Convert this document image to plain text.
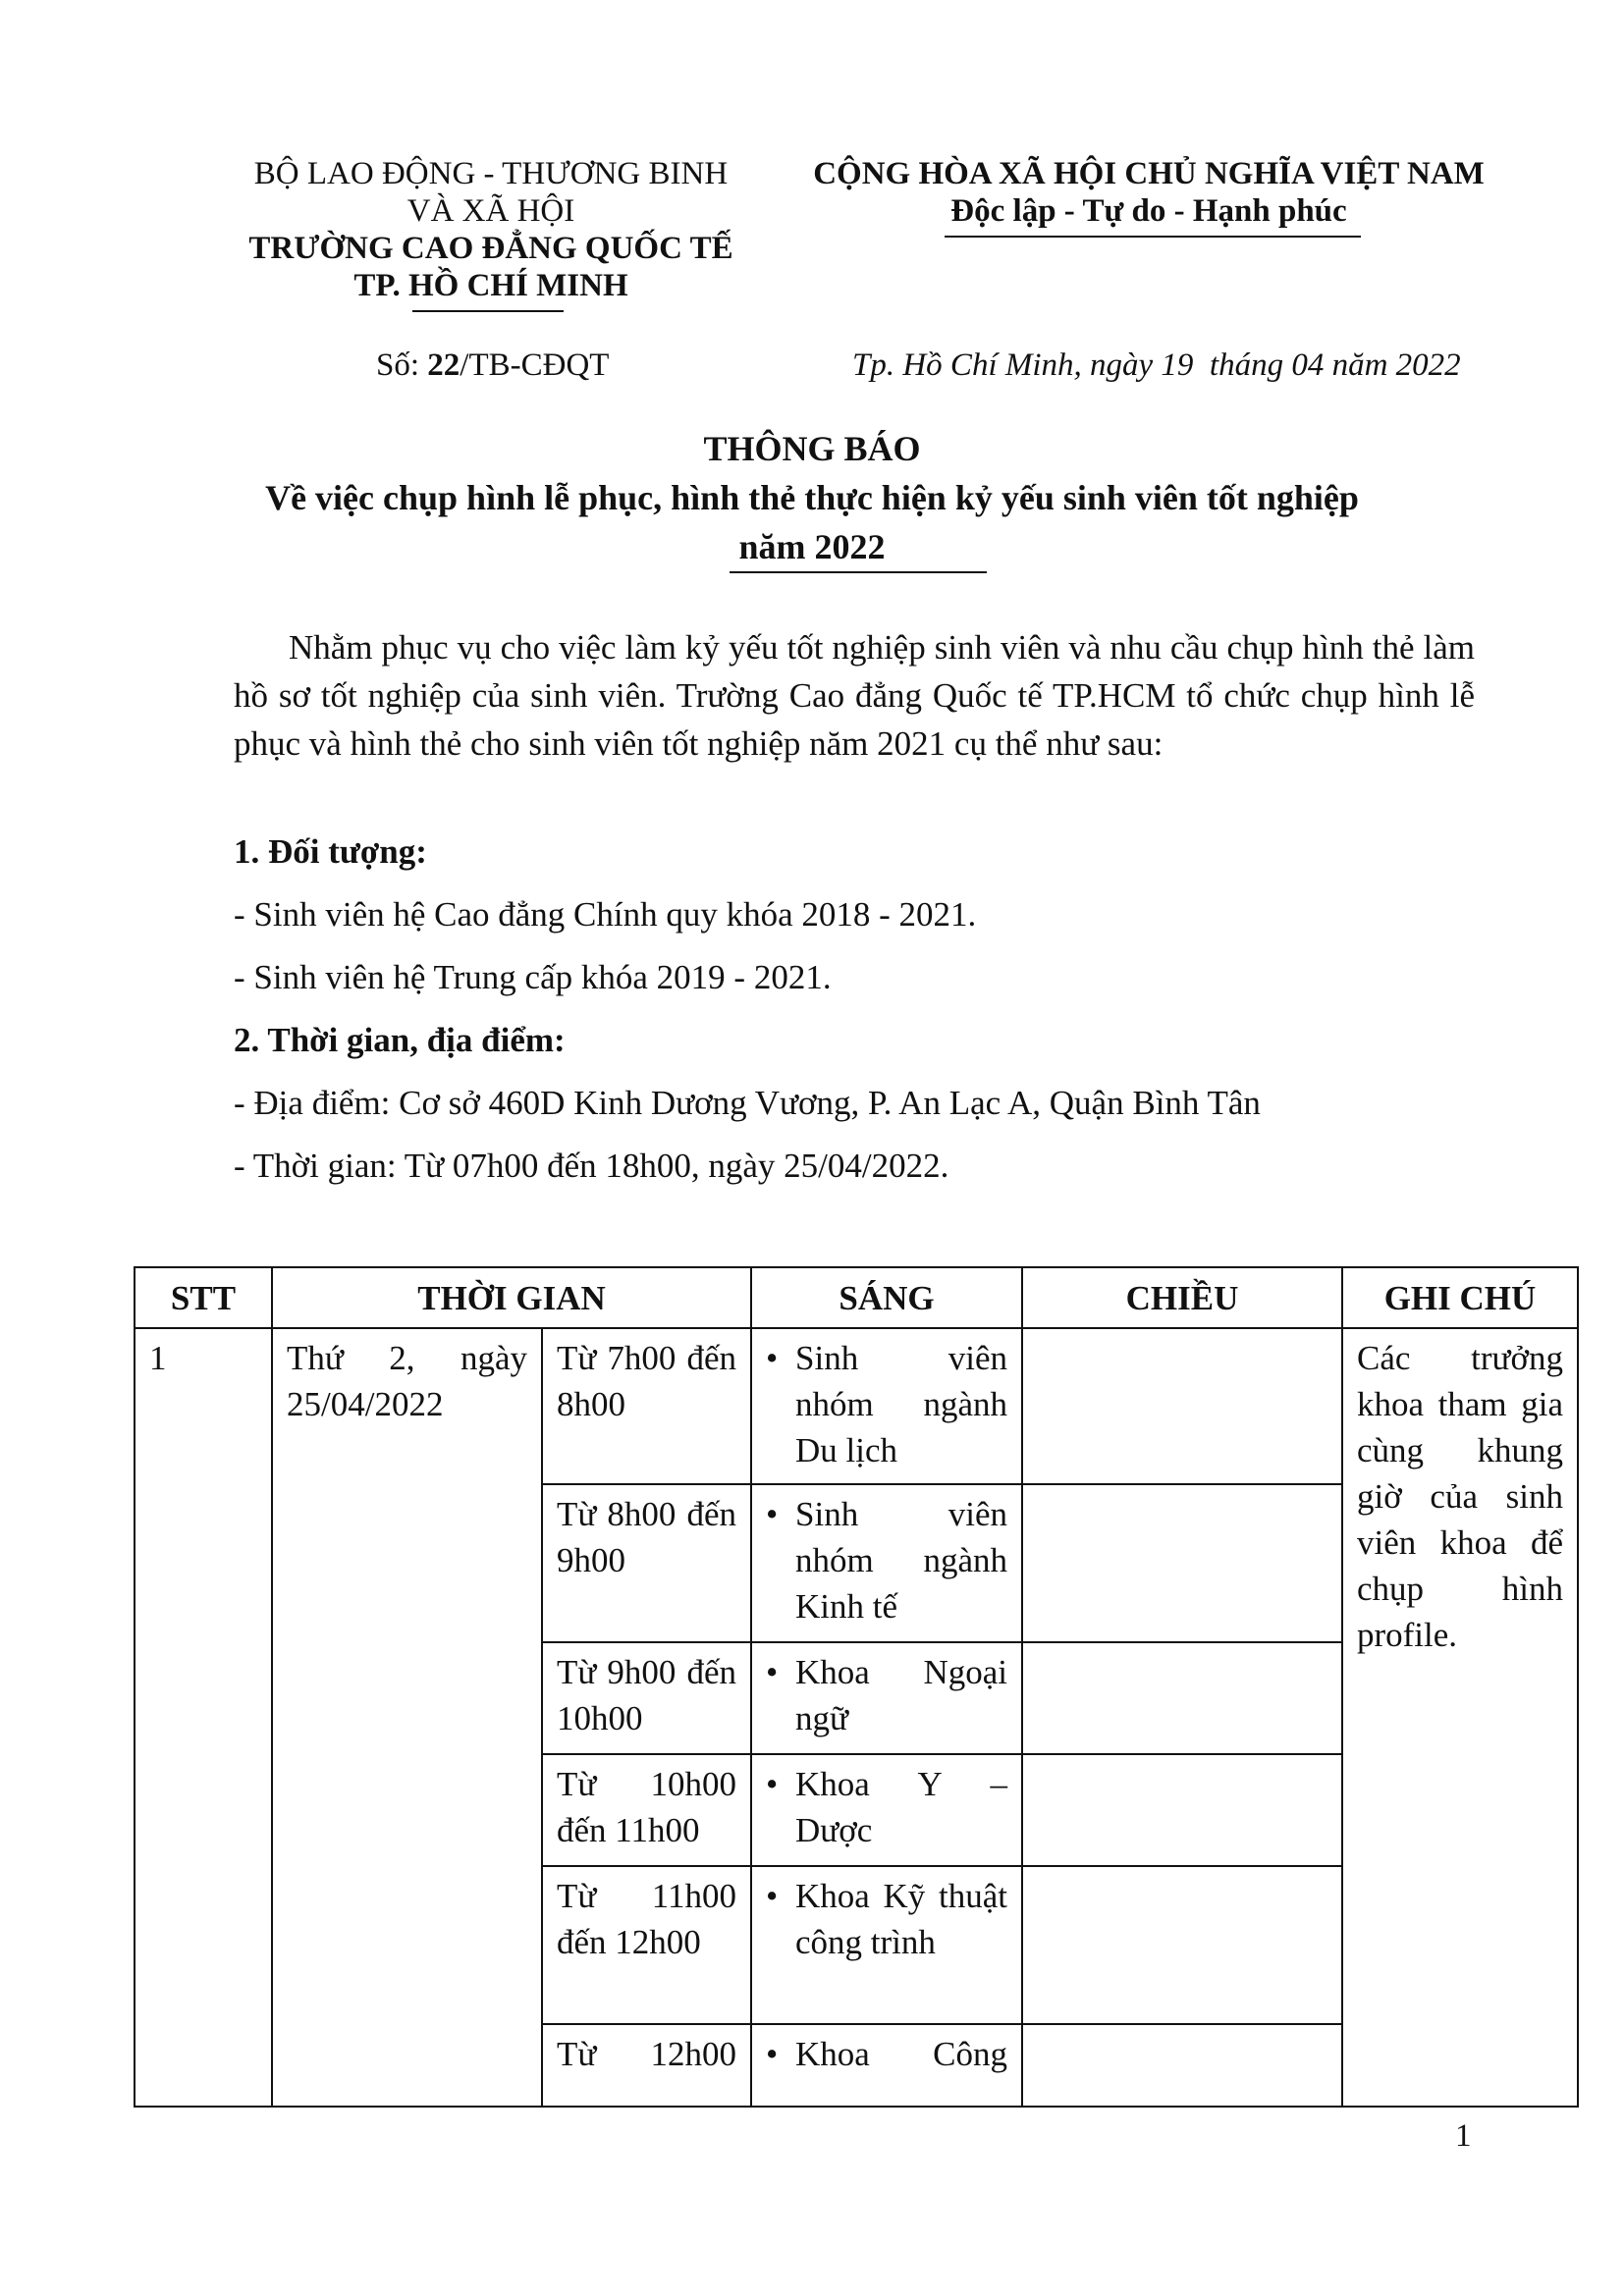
BỘ LAO ĐỘNG - THƯƠNG BINH
VÀ XÃ HỘI
TRƯỜNG CAO ĐẲNG QUỐC TẾ
TP. HỒ CHÍ MINH
CỘNG HÒA XÃ HỘI CHỦ NGHĨA VIỆT NAM
Độc lập - Tự do - Hạnh phúc
Số: 22/TB-CĐQT	Tp. Hồ Chí Minh, ngày 19  tháng 04 năm 2022
THÔNG BÁO
Về việc chụp hình lễ phục, hình thẻ thực hiện kỷ yếu sinh viên tốt nghiệp
năm 2022

Nhằm phục vụ cho việc làm kỷ yếu tốt nghiệp sinh viên và nhu cầu chụp hình thẻ làm hồ sơ tốt nghiệp của sinh viên. Trường Cao đẳng Quốc tế TP.HCM tổ chức chụp hình lễ phục và hình thẻ cho sinh viên tốt nghiệp năm 2021 cụ thể như sau:

1. Đối tượng:
- Sinh viên hệ Cao đẳng Chính quy khóa 2018 - 2021.
- Sinh viên hệ Trung cấp khóa 2019 - 2021.
2. Thời gian, địa điểm:
- Địa điểm: Cơ sở 460D Kinh Dương Vương, P. An Lạc A, Quận Bình Tân
- Thời gian: Từ 07h00 đến 18h00, ngày 25/04/2022.
STT	THỜI GIAN		SÁNG	CHIỀU	GHI CHÚ
1	Thứ 2, ngày 25/04/2022	Từ 7h00 đến 8h00	• Sinh viên nhóm ngành Du lịch		Các trưởng khoa tham gia cùng khung giờ của sinh viên khoa để chụp hình profile.
		Từ 8h00 đến 9h00	• Sinh viên nhóm ngành Kinh tế		

		Từ 9h00 đến 10h00	• Khoa Ngoại ngữ		

		Từ 10h00 đến 11h00	• Khoa Y – Dược		

		Từ 11h00 đến 12h00	• Khoa Kỹ thuật công trình		

		Từ 12h00	• Khoa Công		

1
